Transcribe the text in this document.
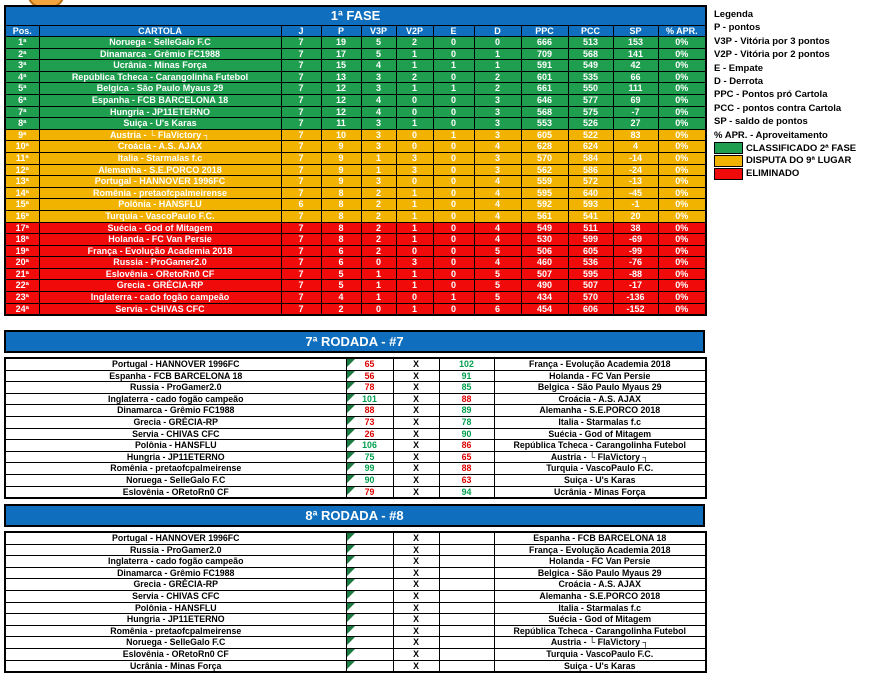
1ª FASE											
Pos.	CARTOLA	J	P	V3P	V2P	E	D	PPC	PCC	SP	% APR.
1ª	Noruega - SelleGalo F.C	7	19	5	2	0	0	666	513	153	0%
2ª	Dinamarca - Grêmio FC1988	7	17	5	1	0	1	709	568	141	0%
3ª	Ucrânia - Minas Força	7	15	4	1	1	1	591	549	42	0%
4ª	República Tcheca - Carangolinha Futebol	7	13	3	2	0	2	601	535	66	0%
5ª	Belgica - São Paulo Myaus 29	7	12	3	1	1	2	661	550	111	0%
6ª	Espanha - FCB BARCELONA 18	7	12	4	0	0	3	646	577	69	0%
7ª	Hungria - JP11ETERNO	7	12	4	0	0	3	568	575	-7	0%
8ª	Suiça - U's Karas	7	11	3	1	0	3	553	526	27	0%
9ª	Austria - └ FlaVictory ┐	7	10	3	0	1	3	605	522	83	0%
10ª	Croácia - A.S. AJAX	7	9	3	0	0	4	628	624	4	0%
11ª	Italia - Starmalas f.c	7	9	1	3	0	3	570	584	-14	0%
12ª	Alemanha - S.E.PORCO 2018	7	9	1	3	0	3	562	586	-24	0%
13ª	Portugal - HANNOVER 1996FC	7	9	3	0	0	4	559	572	-13	0%
14ª	Romênia - pretaofcpalmeirense	7	8	2	1	0	4	595	640	-45	0%
15ª	Polônia - HANSFLU	6	8	2	1	0	4	592	593	-1	0%
16ª	Turquia - VascoPaulo F.C.	7	8	2	1	0	4	561	541	20	0%
17ª	Suécia - God of Mitagem	7	8	2	1	0	4	549	511	38	0%
18ª	Holanda - FC Van Persie	7	8	2	1	0	4	530	599	-69	0%
19ª	França - Evolução Academia 2018	7	6	2	0	0	5	506	605	-99	0%
20ª	Russia - ProGamer2.0	7	6	0	3	0	4	460	536	-76	0%
21ª	Eslovênia - ORetoRn0 CF	7	5	1	1	0	5	507	595	-88	0%
22ª	Grecia - GRÉCIA-RP	7	5	1	1	0	5	490	507	-17	0%
23ª	Inglaterra - cado fogão campeão	7	4	1	0	1	5	434	570	-136	0%
24ª	Servia - CHIVAS CFC	7	2	0	1	0	6	454	606	-152	0%
Legenda
P - pontos
V3P - Vitória por 3 pontos
V2P - Vitória por 2 pontos
E - Empate
D - Derrota
PPC - Pontos pró Cartola
PCC - pontos contra Cartola
SP - saldo de pontos
% APR. - Aproveitamento
CLASSIFICADO 2ª FASE
DISPUTA DO 9ª LUGAR
ELIMINADO
7ª RODADA - #7
Portugal - HANNOVER 1996FC	65	X	102	França - Evolução Academia 2018
Espanha - FCB BARCELONA 18	56	X	91	Holanda - FC Van Persie
Russia - ProGamer2.0	78	X	85	Belgica - São Paulo Myaus 29
Inglaterra - cado fogão campeão	101	X	88	Croácia - A.S. AJAX
Dinamarca - Grêmio FC1988	88	X	89	Alemanha - S.E.PORCO 2018
Grecia - GRÉCIA-RP	73	X	78	Italia - Starmalas f.c
Servia - CHIVAS CFC	26	X	90	Suécia - God of Mitagem
Polônia - HANSFLU	106	X	86	República Tcheca - Carangolinha Futebol
Hungria - JP11ETERNO	75	X	65	Austria - └ FlaVictory ┐
Romênia - pretaofcpalmeirense	99	X	88	Turquia - VascoPaulo F.C.
Noruega - SelleGalo F.C	90	X	63	Suiça - U's Karas
Eslovênia - ORetoRn0 CF	79	X	94	Ucrânia - Minas Força
8ª RODADA - #8
Portugal - HANNOVER 1996FC		X		Espanha - FCB BARCELONA 18
Russia - ProGamer2.0		X		França - Evolução Academia 2018
Inglaterra - cado fogão campeão		X		Holanda - FC Van Persie
Dinamarca - Grêmio FC1988		X		Belgica - São Paulo Myaus 29
Grecia - GRÉCIA-RP		X		Croácia - A.S. AJAX
Servia - CHIVAS CFC		X		Alemanha - S.E.PORCO 2018
Polônia - HANSFLU		X		Italia - Starmalas f.c
Hungria - JP11ETERNO		X		Suécia - God of Mitagem
Romênia - pretaofcpalmeirense		X		República Tcheca - Carangolinha Futebol
Noruega - SelleGalo F.C		X		Austria - └ FlaVictory ┐
Eslovênia - ORetoRn0 CF		X		Turquia - VascoPaulo F.C.
Ucrânia - Minas Força		X		Suiça - U's Karas
